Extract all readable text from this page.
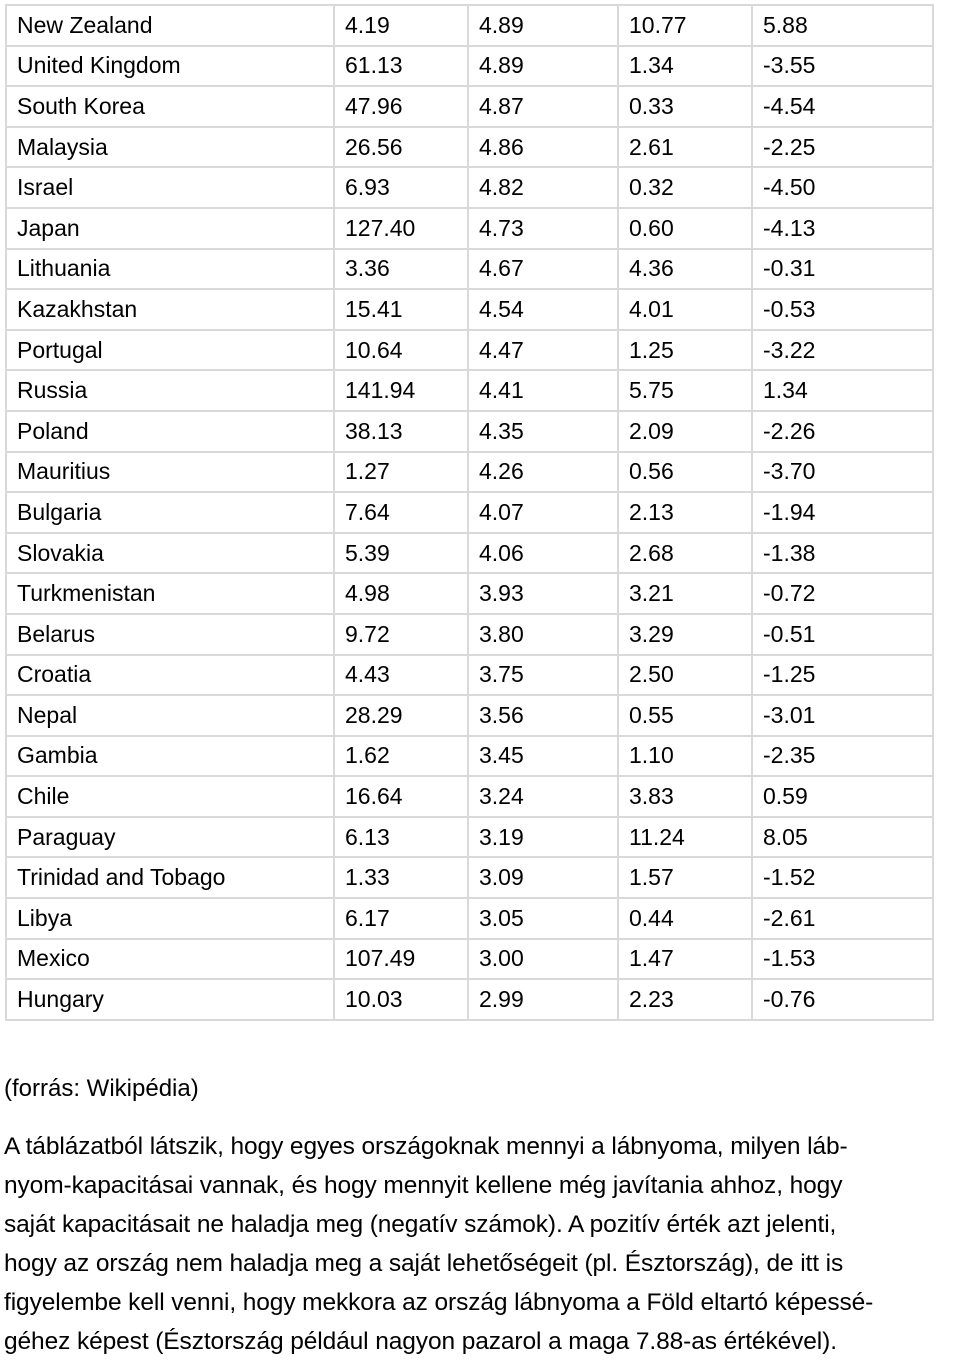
New Zealand	4.19	4.89	10.77	5.88
United Kingdom	61.13	4.89	1.34	-3.55
South Korea	47.96	4.87	0.33	-4.54
Malaysia	26.56	4.86	2.61	-2.25
Israel	6.93	4.82	0.32	-4.50
Japan	127.40	4.73	0.60	-4.13
Lithuania	3.36	4.67	4.36	-0.31
Kazakhstan	15.41	4.54	4.01	-0.53
Portugal	10.64	4.47	1.25	-3.22
Russia	141.94	4.41	5.75	1.34
Poland	38.13	4.35	2.09	-2.26
Mauritius	1.27	4.26	0.56	-3.70
Bulgaria	7.64	4.07	2.13	-1.94
Slovakia	5.39	4.06	2.68	-1.38
Turkmenistan	4.98	3.93	3.21	-0.72
Belarus	9.72	3.80	3.29	-0.51
Croatia	4.43	3.75	2.50	-1.25
Nepal	28.29	3.56	0.55	-3.01
Gambia	1.62	3.45	1.10	-2.35
Chile	16.64	3.24	3.83	0.59
Paraguay	6.13	3.19	11.24	8.05
Trinidad and Tobago	1.33	3.09	1.57	-1.52
Libya	6.17	3.05	0.44	-2.61
Mexico	107.49	3.00	1.47	-1.53
Hungary	10.03	2.99	2.23	-0.76

(forrás: Wikipédia)

A táblázatból látszik, hogy egyes országoknak mennyi a lábnyoma, milyen láb-
nyom-kapacitásai vannak, és hogy mennyit kellene még javítania ahhoz, hogy
saját kapacitásait ne haladja meg (negatív számok). A pozitív érték azt jelenti,
hogy az ország nem haladja meg a saját lehetőségeit (pl. Észtország), de itt is
figyelembe kell venni, hogy mekkora az ország lábnyoma a Föld eltartó képessé-
géhez képest (Észtország például nagyon pazarol a maga 7.88-as értékével).
